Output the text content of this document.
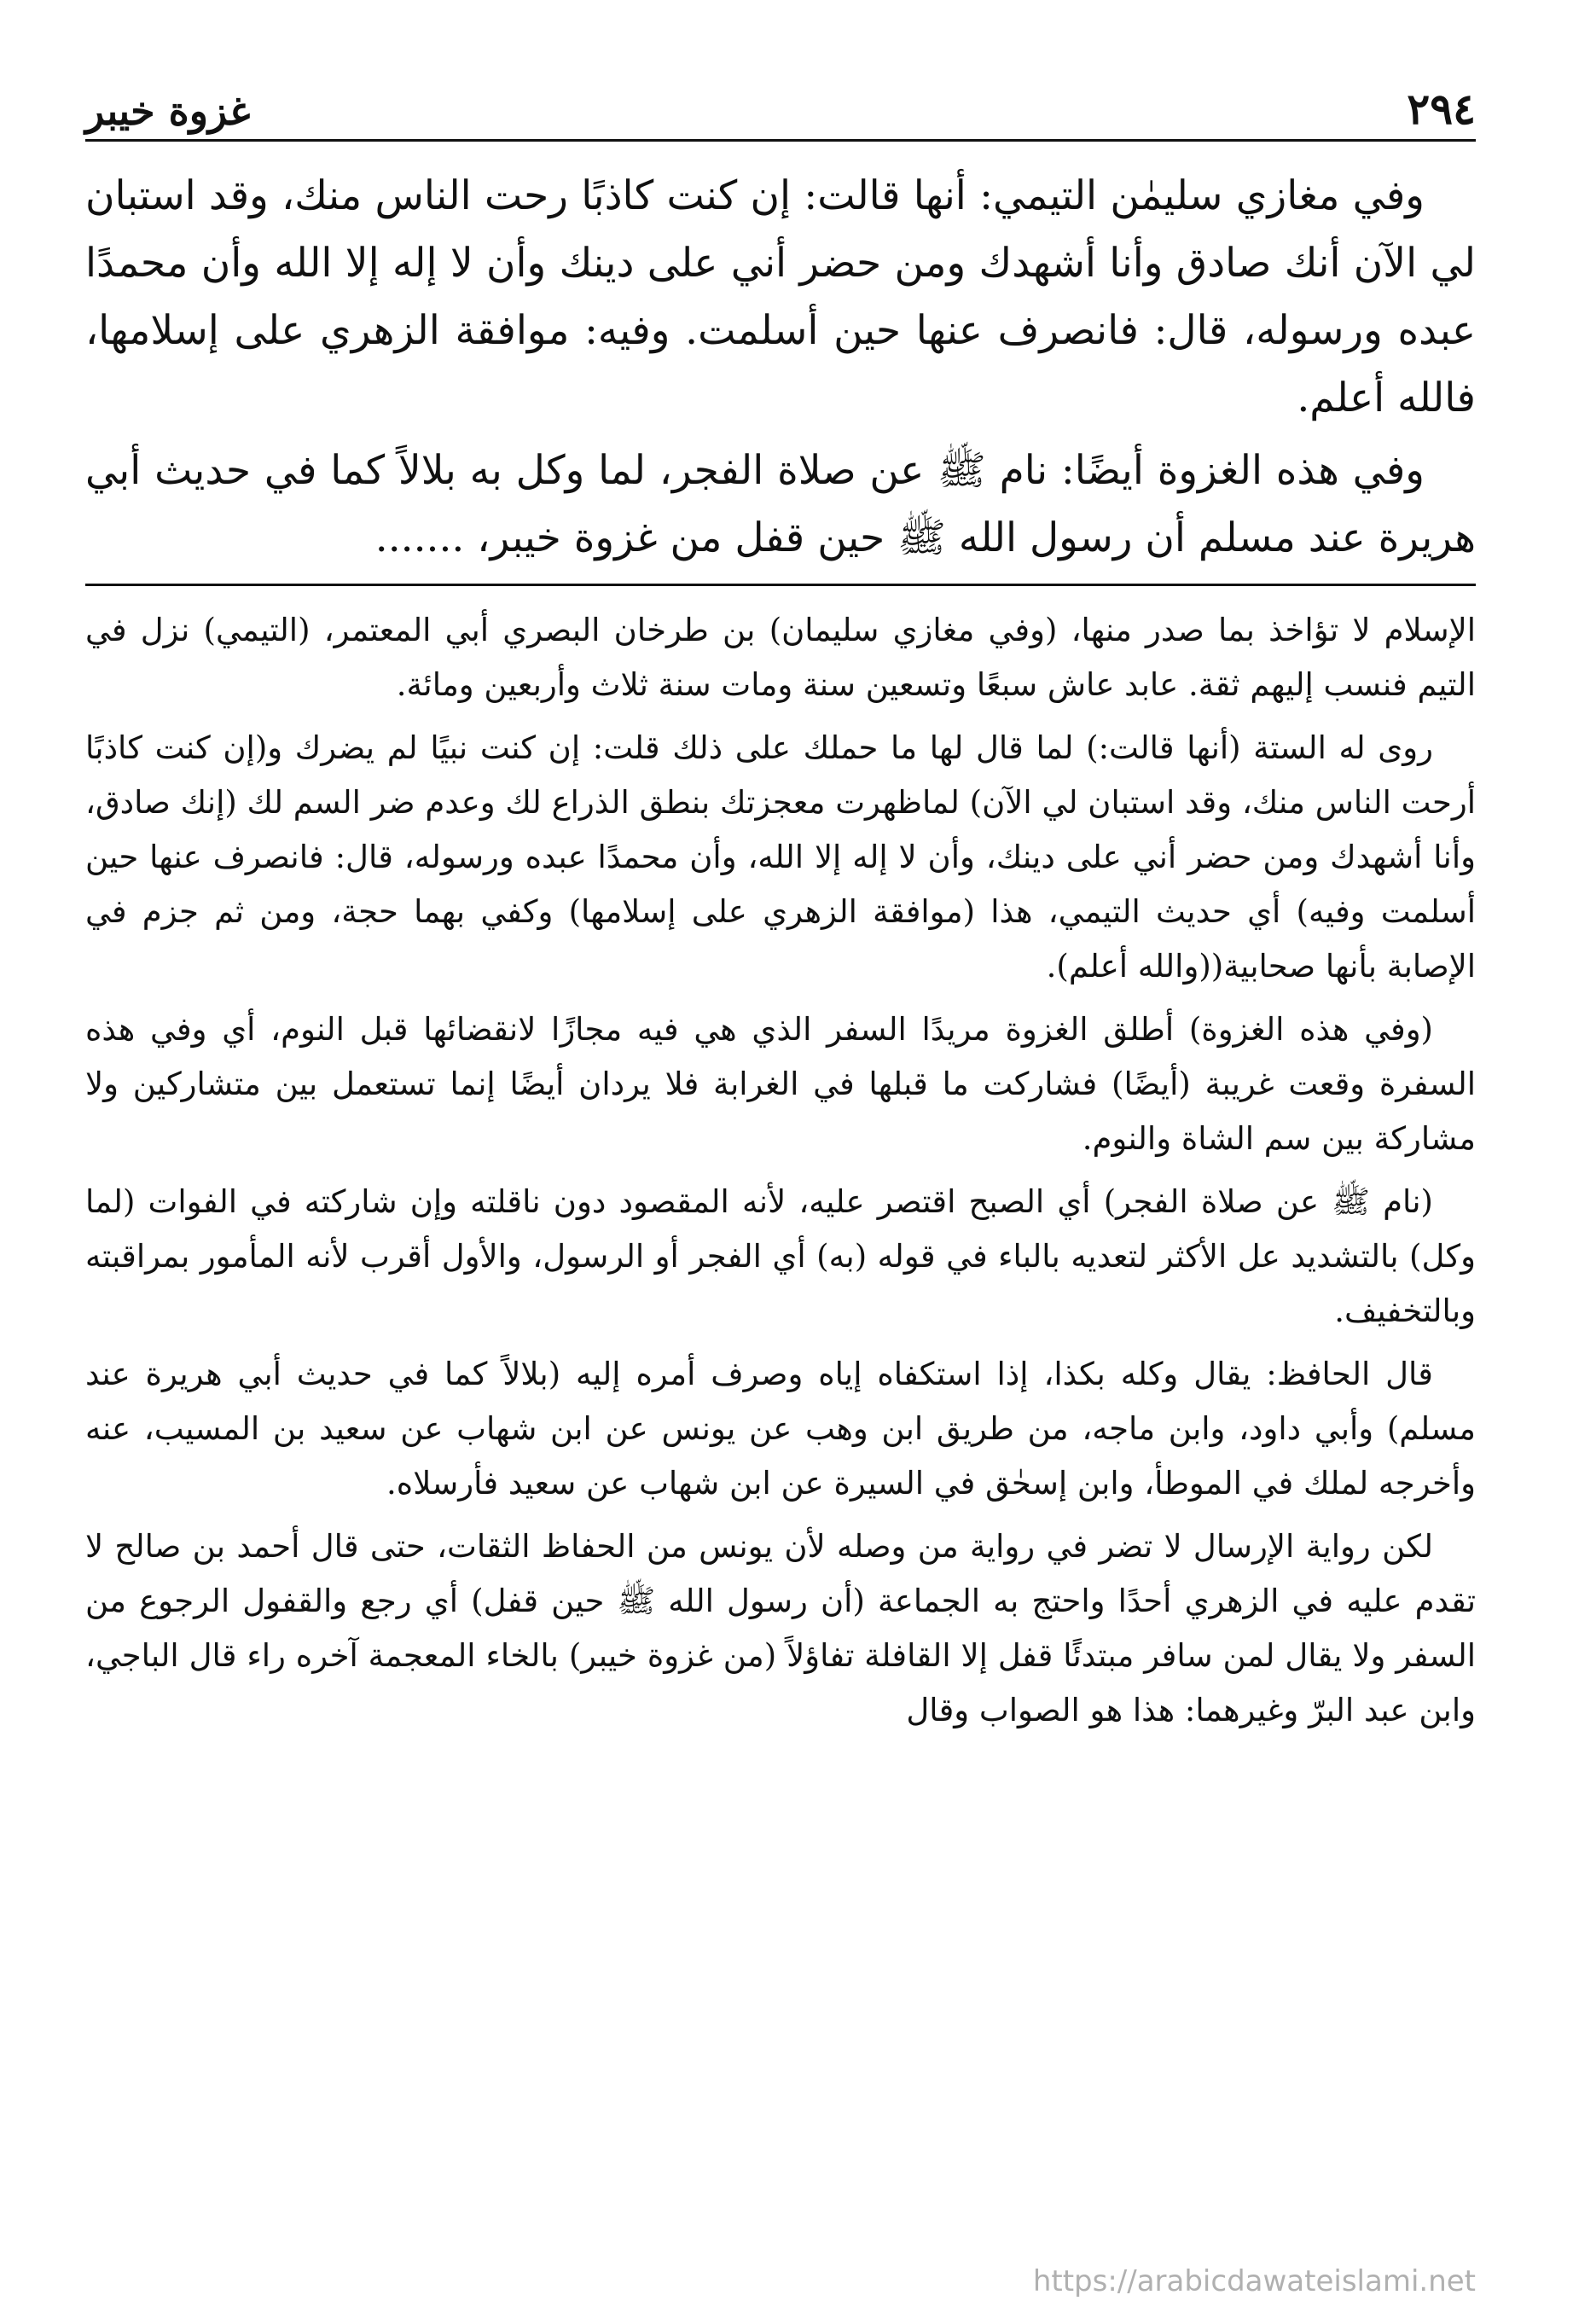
٢٩٤
غزوة خيبر

وفي مغازي سليمٰن التيمي: أنها قالت: إن كنت كاذبًا رحت الناس منك، وقد استبان لي الآن أنك صادق وأنا أشهدك ومن حضر أني على دينك وأن لا إله إلا الله وأن محمدًا عبده ورسوله، قال: فانصرف عنها حين أسلمت. وفيه: موافقة الزهري على إسلامها، فالله أعلم.

وفي هذه الغزوة أيضًا: نام ﷺ عن صلاة الفجر، لما وكل به بلالاً كما في حديث أبي هريرة عند مسلم أن رسول الله ﷺ حين قفل من غزوة خيبر، .......

الإسلام لا تؤاخذ بما صدر منها، (وفي مغازي سليمان) بن طرخان البصري أبي المعتمر، (التيمي) نزل في التيم فنسب إليهم ثقة. عابد عاش سبعًا وتسعين سنة ومات سنة ثلاث وأربعين ومائة.

روى له الستة (أنها قالت:) لما قال لها ما حملك على ذلك قلت: إن كنت نبيًا لم يضرك و(إن كنت كاذبًا أرحت الناس منك، وقد استبان لي الآن) لماظهرت معجزتك بنطق الذراع لك وعدم ضر السم لك (إنك صادق، وأنا أشهدك ومن حضر أني على دينك، وأن لا إله إلا الله، وأن محمدًا عبده ورسوله، قال: فانصرف عنها حين أسلمت وفيه) أي حديث التيمي، هذا (موافقة الزهري على إسلامها) وكفي بهما حجة، ومن ثم جزم في الإصابة بأنها صحابية((والله أعلم).

(وفي هذه الغزوة) أطلق الغزوة مريدًا السفر الذي هي فيه مجازًا لانقضائها قبل النوم، أي وفي هذه السفرة وقعت غريبة (أيضًا) فشاركت ما قبلها في الغرابة فلا يردان أيضًا إنما تستعمل بين متشاركين ولا مشاركة بين سم الشاة والنوم.

(نام ﷺ عن صلاة الفجر) أي الصبح اقتصر عليه، لأنه المقصود دون ناقلته وإن شاركته في الفوات (لما وكل) بالتشديد عل الأكثر لتعديه بالباء في قوله (به) أي الفجر أو الرسول، والأول أقرب لأنه المأمور بمراقبته وبالتخفيف.

قال الحافظ: يقال وكله بكذا، إذا استكفاه إياه وصرف أمره إليه (بلالاً كما في حديث أبي هريرة عند مسلم) وأبي داود، وابن ماجه، من طريق ابن وهب عن يونس عن ابن شهاب عن سعيد بن المسيب، عنه وأخرجه لملك في الموطأ، وابن إسحٰق في السيرة عن ابن شهاب عن سعيد فأرسلاه.

لكن رواية الإرسال لا تضر في رواية من وصله لأن يونس من الحفاظ الثقات، حتى قال أحمد بن صالح لا تقدم عليه في الزهري أحدًا واحتج به الجماعة (أن رسول الله ﷺ حين قفل) أي رجع والقفول الرجوع من السفر ولا يقال لمن سافر مبتدئًا قفل إلا القافلة تفاؤلاً (من غزوة خيبر) بالخاء المعجمة آخره راء قال الباجي، وابن عبد البرّ وغيرهما: هذا هو الصواب وقال

https://arabicdawateislami.net
